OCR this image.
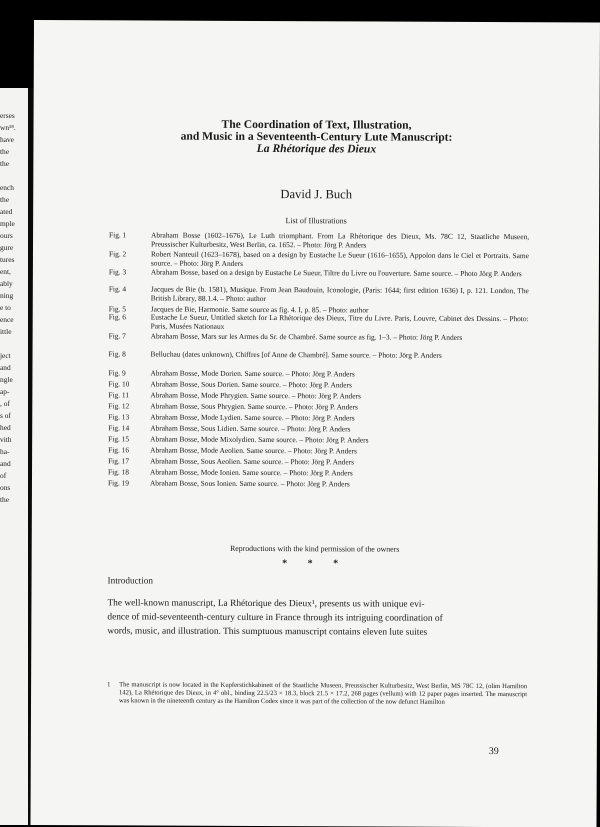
erses
wn¹⁸.
have
the
the
ench
the
ated
mple
ours
gure
tures
ent,
ably
ning
e to
ence
ittle
ject
and
ngle
ap-
, of
s of
hed
vith
ha-
and
of
ons
the
The Coordination of Text, Illustration,
and Music in a Seventeenth-Century Lute Manuscript:
La Rhétorique des Dieux
David J. Buch
List of Illustrations
Fig. 1	Abraham Bosse (1602–1676), Le Luth triomphant. From La Rhétorique des Dieux, Ms. 78C 12, Staatliche Museen, Preussischer Kulturbesitz, West Berlin, ca. 1652. – Photo: Jörg P. Anders
Fig. 2	Robert Nanteuil (1623–1678), based on a design by Eustache Le Sueur (1616–1655), Appolon dans le Ciel et Portraits. Same source. – Photo: Jörg P. Anders
Fig. 3	Abraham Bosse, based on a design by Eustache Le Sueur, Tiltre du Livre ou l'ouverture. Same source. – Photo Jörg P. Anders
Fig. 4	Jacques de Bie (b. 1581), Musique. From Jean Baudouin, Iconologie, (Paris: 1644; first edition 1636) I, p. 121. London, The British Library, 88.1.4. – Photo: author
Fig. 5	Jacques de Bie, Harmonie. Same source as fig. 4. I, p. 85. – Photo: author
Fig. 6	Eustache Le Sueur, Untitled sketch for La Rhétorique des Dieux, Titre du Livre. Paris, Louvre, Cabinet des Dessins. – Photo: Paris, Musées Nationaux
Fig. 7	Abraham Bosse, Mars sur les Armes du Sr. de Chambré. Same source as fig. 1–3. – Photo: Jörg P. Anders
Fig. 8	Belluchau (dates unknown), Chiffres [of Anne de Chambré]. Same source. – Photo: Jörg P. Anders
Fig. 9	Abraham Bosse, Mode Dorien. Same source. – Photo: Jörg P. Anders
Fig. 10	Abraham Bosse, Sous Dorien. Same source. – Photo: Jörg P. Anders
Fig. 11	Abraham Bosse, Mode Phrygien. Same source. – Photo: Jörg P. Anders
Fig. 12	Abraham Bosse, Sous Phrygien. Same source. – Photo: Jörg P. Anders
Fig. 13	Abraham Bosse, Mode Lydien. Same source. – Photo: Jörg P. Anders
Fig. 14	Abraham Bosse, Sous Lidien. Same source. – Photo: Jörg P. Anders
Fig. 15	Abraham Bosse, Mode Mixolydien. Same source. – Photo: Jörg P. Anders
Fig. 16	Abraham Bosse, Mode Aeolien. Same source. – Photo: Jörg P. Anders
Fig. 17	Abraham Bosse, Sous Aeolien. Same source. – Photo: Jörg P. Anders
Fig. 18	Abraham Bosse, Mode Ionien. Same source. – Photo: Jörg P. Anders
Fig. 19	Abraham Bosse, Sous Ionien. Same source. – Photo: Jörg P. Anders
Reproductions with the kind permission of the owners
* * *
Introduction
The well-known manuscript, La Rhétorique des Dieux¹, presents us with unique evi-
dence of mid-seventeenth-century culture in France through its intriguing coordination of
words, music, and illustration. This sumptuous manuscript contains eleven lute suites
1 The manuscript is now located in the Kupferstichkabinett of the Staatliche Museen, Preussischer Kulturbesitz, West Berlin, MS 78C 12, (olim Hamilton 142), La Rhétorique des Dieux, in 4° obl., binding 22.5/23 × 18.3, block 21.5 × 17.2, 268 pages (vellum) with 12 paper pages inserted. The manuscript was known in the nineteenth century as the Hamilton Codex since it was part of the collection of the now defunct Hamilton
39
